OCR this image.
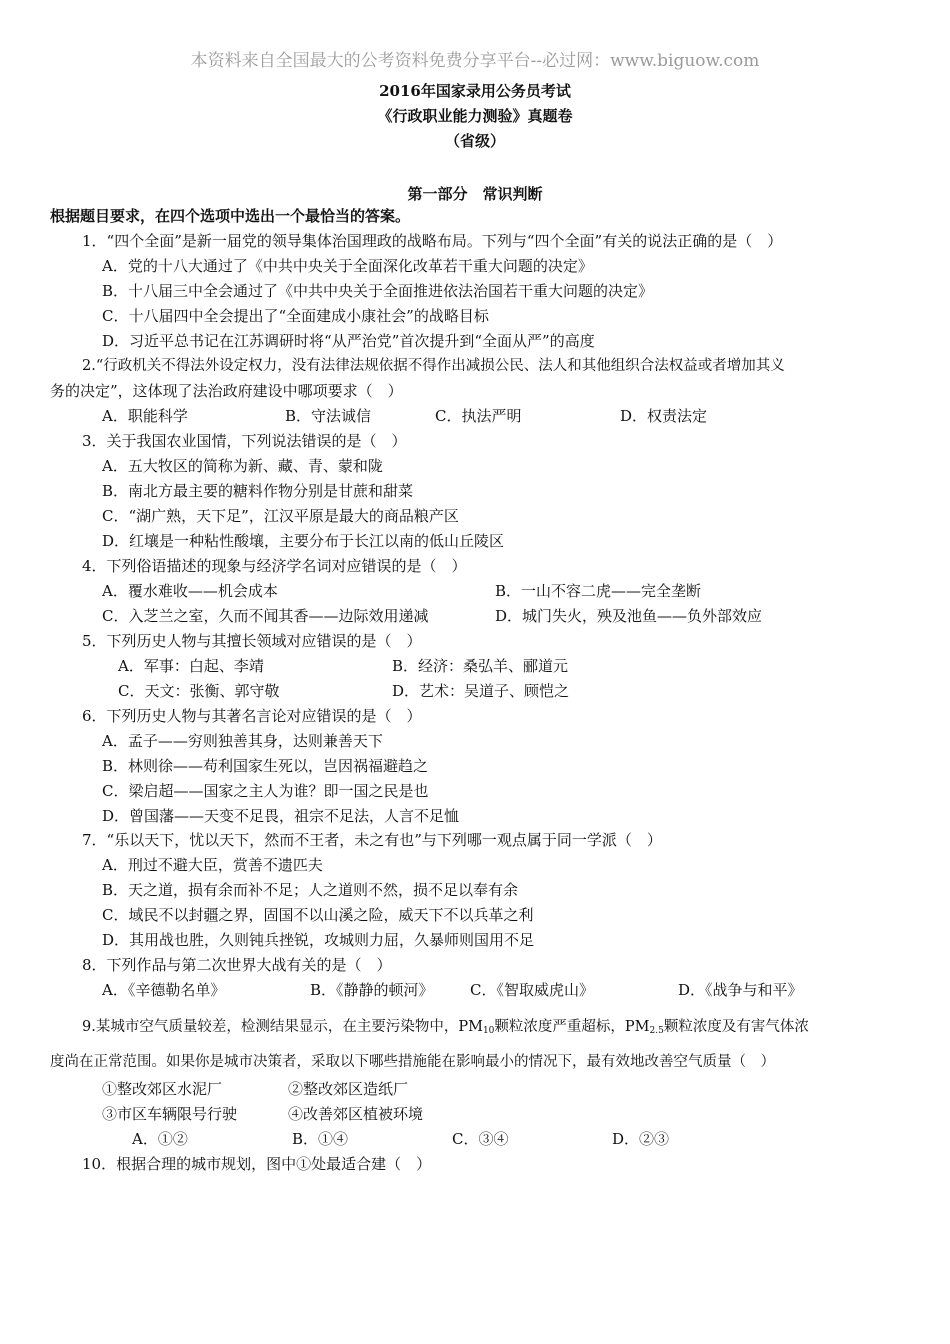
本资料来自全国最大的公考资料免费分享平台--必过网：www.biguow.com
2016年国家录用公务员考试
《行政职业能力测验》真题卷
（省级）
第一部分　常识判断
根据题目要求，在四个选项中选出一个最恰当的答案。
1．“四个全面”是新一届党的领导集体治国理政的战略布局。下列与“四个全面”有关的说法正确的是（　）
A．党的十八大通过了《中共中央关于全面深化改革若干重大问题的决定》
B．十八届三中全会通过了《中共中央关于全面推进依法治国若干重大问题的决定》
C．十八届四中全会提出了“全面建成小康社会”的战略目标
D．习近平总书记在江苏调研时将“从严治党”首次提升到“全面从严”的高度
2.“行政机关不得法外设定权力，没有法律法规依据不得作出减损公民、法人和其他组织合法权益或者增加其义
务的决定”，这体现了法治政府建设中哪项要求（　）
A．职能科学	B．守法诚信	C．执法严明	D．权责法定
3．关于我国农业国情，下列说法错误的是（　）
A．五大牧区的简称为新、藏、青、蒙和陇
B．南北方最主要的糖料作物分别是甘蔗和甜菜
C．“湖广熟，天下足”，江汉平原是最大的商品粮产区
D．红壤是一种粘性酸壤，主要分布于长江以南的低山丘陵区
4．下列俗语描述的现象与经济学名词对应错误的是（　）
A．覆水难收——机会成本	B．一山不容二虎——完全垄断
C．入芝兰之室，久而不闻其香——边际效用递减	D．城门失火，殃及池鱼——负外部效应
5．下列历史人物与其擅长领域对应错误的是（　）
A．军事：白起、李靖	B．经济：桑弘羊、郦道元
C．天文：张衡、郭守敬	D．艺术：吴道子、顾恺之
6．下列历史人物与其著名言论对应错误的是（　）
A．孟子——穷则独善其身，达则兼善天下
B．林则徐——苟利国家生死以，岂因祸福避趋之
C．梁启超——国家之主人为谁？即一国之民是也
D．曾国藩——天变不足畏，祖宗不足法，人言不足恤
7．“乐以天下，忧以天下，然而不王者，未之有也”与下列哪一观点属于同一学派（　）
A．刑过不避大臣，赏善不遗匹夫
B．天之道，损有余而补不足；人之道则不然，损不足以奉有余
C．域民不以封疆之界，固国不以山溪之险，威天下不以兵革之利
D．其用战也胜，久则钝兵挫锐，攻城则力屈，久暴师则国用不足
8．下列作品与第二次世界大战有关的是（　）
A．《辛德勒名单》	B．《静静的顿河》 C．《智取威虎山》	D．《战争与和平》
9.某城市空气质量较差，检测结果显示，在主要污染物中，$PM_{10}$颗粒浓度严重超标，$PM_{2.5}$颗粒浓度及有害气体浓
度尚在正常范围。如果你是城市决策者，采取以下哪些措施能在影响最小的情况下，最有效地改善空气质量（　）
①整改郊区水泥厂	②整改郊区造纸厂
③市区车辆限号行驶	④改善郊区植被环境
A．①②	B．①④	C．③④	D．②③
10．根据合理的城市规划，图中①处最适合建（　）
